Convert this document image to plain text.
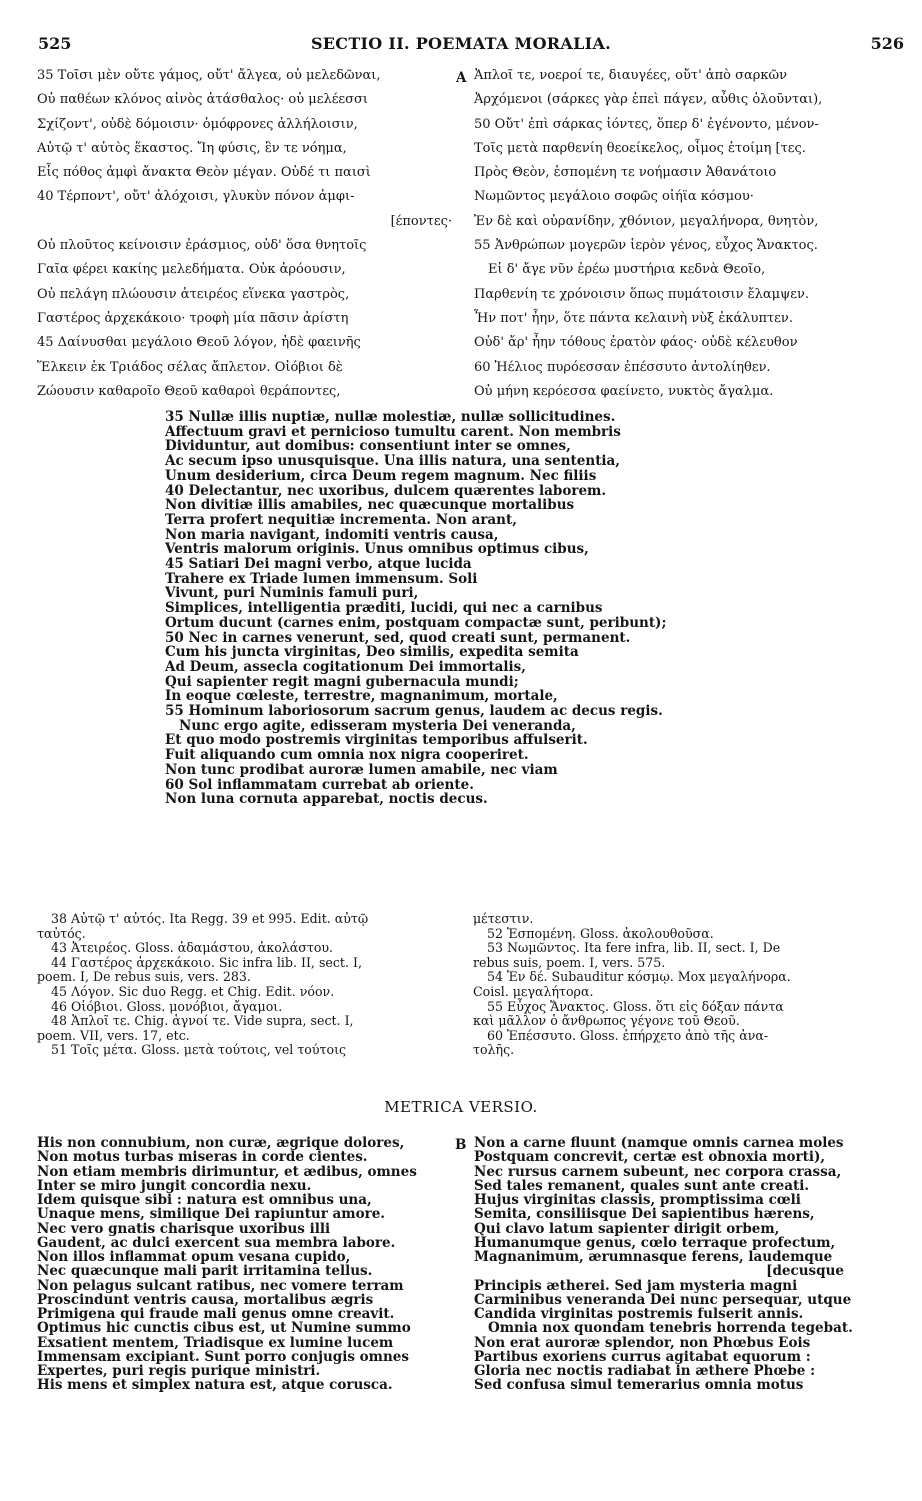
525	SECTIO II. POEMATA MORALIA.	526
A
B
35 Τοῖσι μὲν οὔτε γάμος, οὔτ' ἄλγεα, οὐ μελεδῶναι,
Οὐ παθέων κλόνος αἰνὸς ἀτάσθαλος· οὐ μελέεσσι
Σχίζοντ', οὐδὲ δόμοισιν· ὁμόφρονες ἀλλήλοισιν,
Αὐτῷ τ' αὐτὸς ἕκαστος. Ἴη φύσις, ἓν τε νόημα,
Εἷς πόθος ἀμφὶ ἄνακτα Θεὸν μέγαν. Οὐδέ τι παισὶ
40 Τέρποντ', οὔτ' ἀλόχοισι, γλυκὺν πόνον ἀμφι-
[έποντες·
Οὐ πλοῦτος κείνοισιν ἐράσμιος, οὐδ' ὅσα θνητοῖς
Γαῖα φέρει κακίης μελεδήματα. Οὐκ ἀρόουσιν,
Οὐ πελάγη πλώουσιν ἀτειρέος εἵνεκα γαστρὸς,
Γαστέρος ἀρχεκάκοιο· τροφὴ μία πᾶσιν ἀρίστη
45 Δαίνυσθαι μεγάλοιο Θεοῦ λόγον, ἠδὲ φαεινῆς
Ἕλκειν ἐκ Τριάδος σέλας ἄπλετον. Οἰόβιοι δὲ
Ζώουσιν καθαροῖο Θεοῦ καθαροὶ θεράποντες,
Ἁπλοῖ τε, νοεροί τε, διαυγέες, οὔτ' ἀπὸ σαρκῶν
Ἀρχόμενοι (σάρκες γὰρ ἐπεὶ πάγεν, αὖθις ὀλοῦνται),
50 Οὔτ' ἐπὶ σάρκας ἰόντες, ὅπερ δ' ἐγένοντο, μένον-
Τοῖς μετὰ παρθενίη θεοείκελος, οἶμος ἑτοίμη [τες.
Πρὸς Θεὸν, ἑσπομένη τε νοήμασιν Ἀθανάτοιο
Νωμῶντος μεγάλοιο σοφῶς οἰήϊα κόσμου·
Ἐν δὲ καὶ οὐρανίδην, χθόνιον, μεγαλήνορα, θνητὸν,
55 Ἀνθρώπων μογερῶν ἱερὸν γένος, εὖχος Ἄνακτος.
Εἰ δ' ἄγε νῦν ἐρέω μυστήρια κεδνὰ Θεοῖο,
Παρθενίη τε χρόνοισιν ὅπως πυμάτοισιν ἔλαμψεν.
Ἦν ποτ' ἦην, ὅτε πάντα κελαινὴ νὺξ ἐκάλυπτεν.
Οὐδ' ἄρ' ἦην τόθους ἐρατὸν φάος· οὐδὲ κέλευθον
60 Ἠέλιος πυρόεσσαν ἐπέσσυτο ἀντολίηθεν.
Οὐ μήνη κερόεσσα φαείνετο, νυκτὸς ἄγαλμα.
35 Nullæ illis nuptiæ, nullæ molestiæ, nullæ sollicitudines.
Affectuum gravi et pernicioso tumultu carent. Non membris
Dividuntur, aut domibus: consentiunt inter se omnes,
Ac secum ipso unusquisque. Una illis natura, una sententia,
Unum desiderium, circa Deum regem magnum. Nec filiis
40 Delectantur, nec uxoribus, dulcem quærentes laborem.
Non divitiæ illis amabiles, nec quæcunque mortalibus
Terra profert nequitiæ incrementa. Non arant,
Non maria navigant, indomiti ventris causa,
Ventris malorum originis. Unus omnibus optimus cibus,
45 Satiari Dei magni verbo, atque lucida
Trahere ex Triade lumen immensum. Soli
Vivunt, puri Numinis famuli puri,
Simplices, intelligentia præditi, lucidi, qui nec a carnibus
Ortum ducunt (carnes enim, postquam compactæ sunt, peribunt);
50 Nec in carnes venerunt, sed, quod creati sunt, permanent.
Cum his juncta virginitas, Deo similis, expedita semita
Ad Deum, assecla cogitationum Dei immortalis,
Qui sapienter regit magni gubernacula mundi;
In eoque cœleste, terrestre, magnanimum, mortale,
55 Hominum laboriosorum sacrum genus, laudem ac decus regis.
Nunc ergo agite, edisseram mysteria Dei veneranda,
Et quo modo postremis virginitas temporibus affulserit.
Fuit aliquando cum omnia nox nigra cooperiret.
Non tunc prodibat auroræ lumen amabile, nec viam
60 Sol inflammatam currebat ab oriente.
Non luna cornuta apparebat, noctis decus.
38 Αὐτῷ τ' αὐτός. Ita Regg. 39 et 995. Edit. αὐτῷ
ταὐτός.
43 Ἀτειρέος. Gloss. ἀδαμάστου, ἀκολάστου.
44 Γαστέρος ἀρχεκάκοιο. Sic infra lib. II, sect. I,
poem. I, De rebus suis, vers. 283.
45 Λόγον. Sic duo Regg. et Chig. Edit. νόον.
46 Οἰόβιοι. Gloss. μονόβιοι, ἄγαμοι.
48 Ἁπλοῖ τε. Chig. ἁγνοί τε. Vide supra, sect. I,
poem. VII, vers. 17, etc.
51 Τοῖς μέτα. Gloss. μετὰ τούτοις, vel τούτοις
μέτεστιν.
52 Ἑσπομένη. Gloss. ἀκολουθοῦσα.
53 Νωμῶντος. Ita fere infra, lib. II, sect. I, De
rebus suis, poem. I, vers. 575.
54 Ἐν δέ. Subauditur κόσμῳ. Mox μεγαλήνορα.
Coisl. μεγαλήτορα.
55 Εὖχος Ἄνακτος. Gloss. ὅτι εἰς δόξαν πάντα
καὶ μᾶλλον ὁ ἄνθρωπος γέγονε τοῦ Θεοῦ.
60 Ἐπέσσυτο. Gloss. ἐπήρχετο ἀπὸ τῆς ἀνα-
τολῆς.
METRICA VERSIO.
His non connubium, non curæ, ægrique dolores,
Non motus turbas miseras in corde cientes.
Non etiam membris dirimuntur, et ædibus, omnes
Inter se miro jungit concordia nexu.
Idem quisque sibi : natura est omnibus una,
Unaque mens, similique Dei rapiuntur amore.
Nec vero gnatis charisque uxoribus illi
Gaudent, ac dulci exercent sua membra labore.
Non illos inflammat opum vesana cupido,
Nec quæcunque mali parit irritamina tellus.
Non pelagus sulcant ratibus, nec vomere terram
Proscindunt ventris causa, mortalibus ægris
Primigena qui fraude mali genus omne creavit.
Optimus hic cunctis cibus est, ut Numine summo
Exsatient mentem, Triadisque ex lumine lucem
Immensam excipiant. Sunt porro conjugis omnes
Expertes, puri regis purique ministri.
His mens et simplex natura est, atque corusca.
Non a carne fluunt (namque omnis carnea moles
Postquam concrevit, certæ est obnoxia morti),
Nec rursus carnem subeunt, nec corpora crassa,
Sed tales remanent, quales sunt ante creati.
Hujus virginitas classis, promptissima cœli
Semita, consiliisque Dei sapientibus hærens,
Qui clavo latum sapienter dirigit orbem,
Humanumque genus, cœlo terraque profectum,
Magnanimum, ærumnasque ferens, laudemque
[decusque
Principis ætherei. Sed jam mysteria magni
Carminibus veneranda Dei nunc persequar, utque
Candida virginitas postremis fulserit annis.
Omnia nox quondam tenebris horrenda tegebat.
Non erat auroræ splendor, non Phœbus Eois
Partibus exoriens currus agitabat equorum :
Gloria nec noctis radiabat in æthere Phœbe :
Sed confusa simul temerarius omnia motus
